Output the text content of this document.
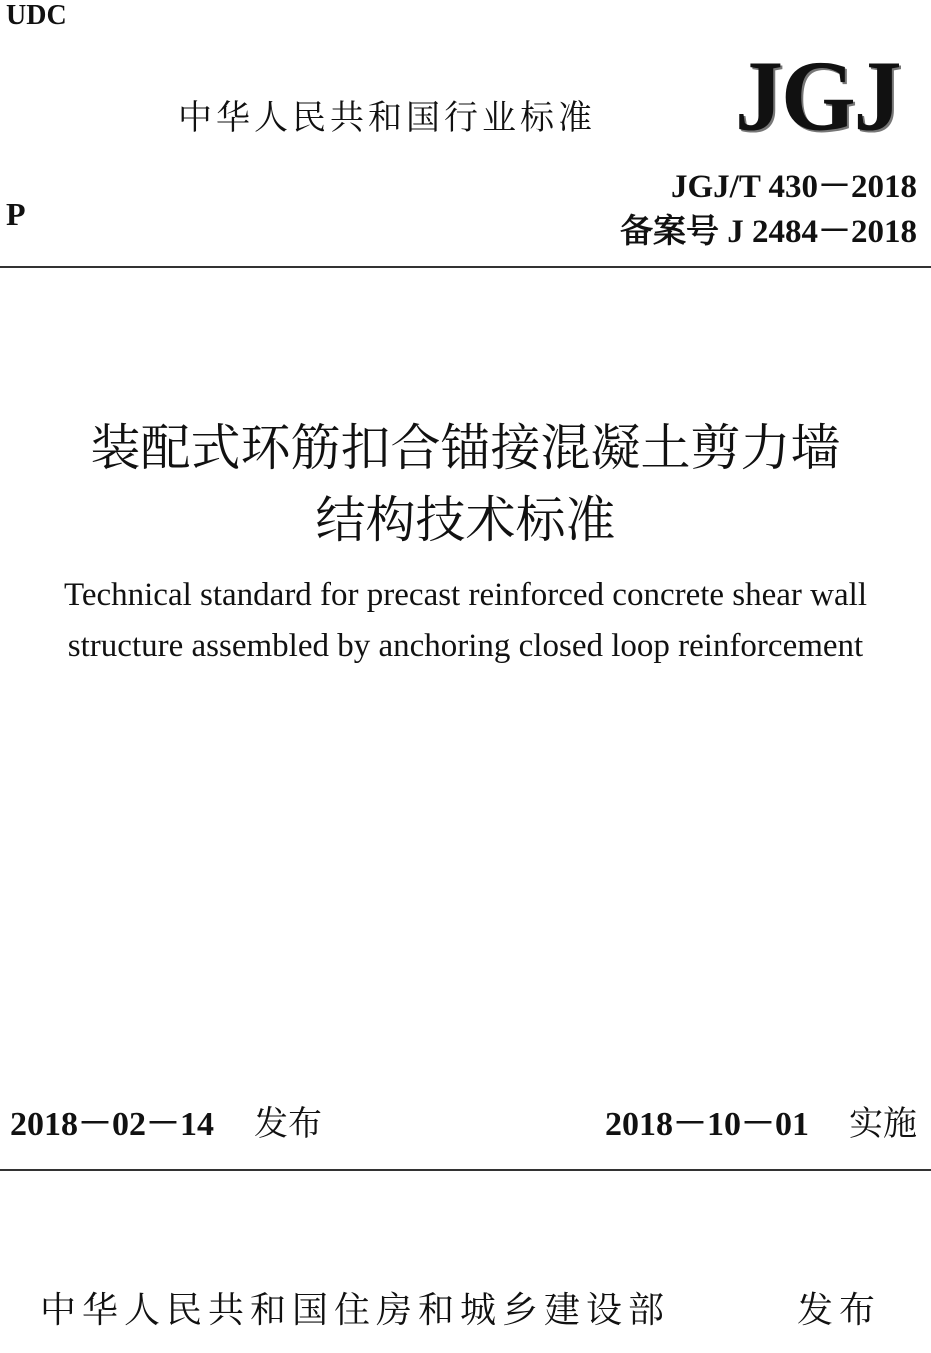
UDC
中华人民共和国行业标准 JGJ
P
JGJ/T 430－2018
备案号 J 2484－2018
装配式环筋扣合锚接混凝土剪力墙
结构技术标准
Technical standard for precast reinforced concrete shear wall structure assembled by anchoring closed loop reinforcement
2018－02－14 发布	2018－10－01 实施
中华人民共和国住房和城乡建设部	发布
